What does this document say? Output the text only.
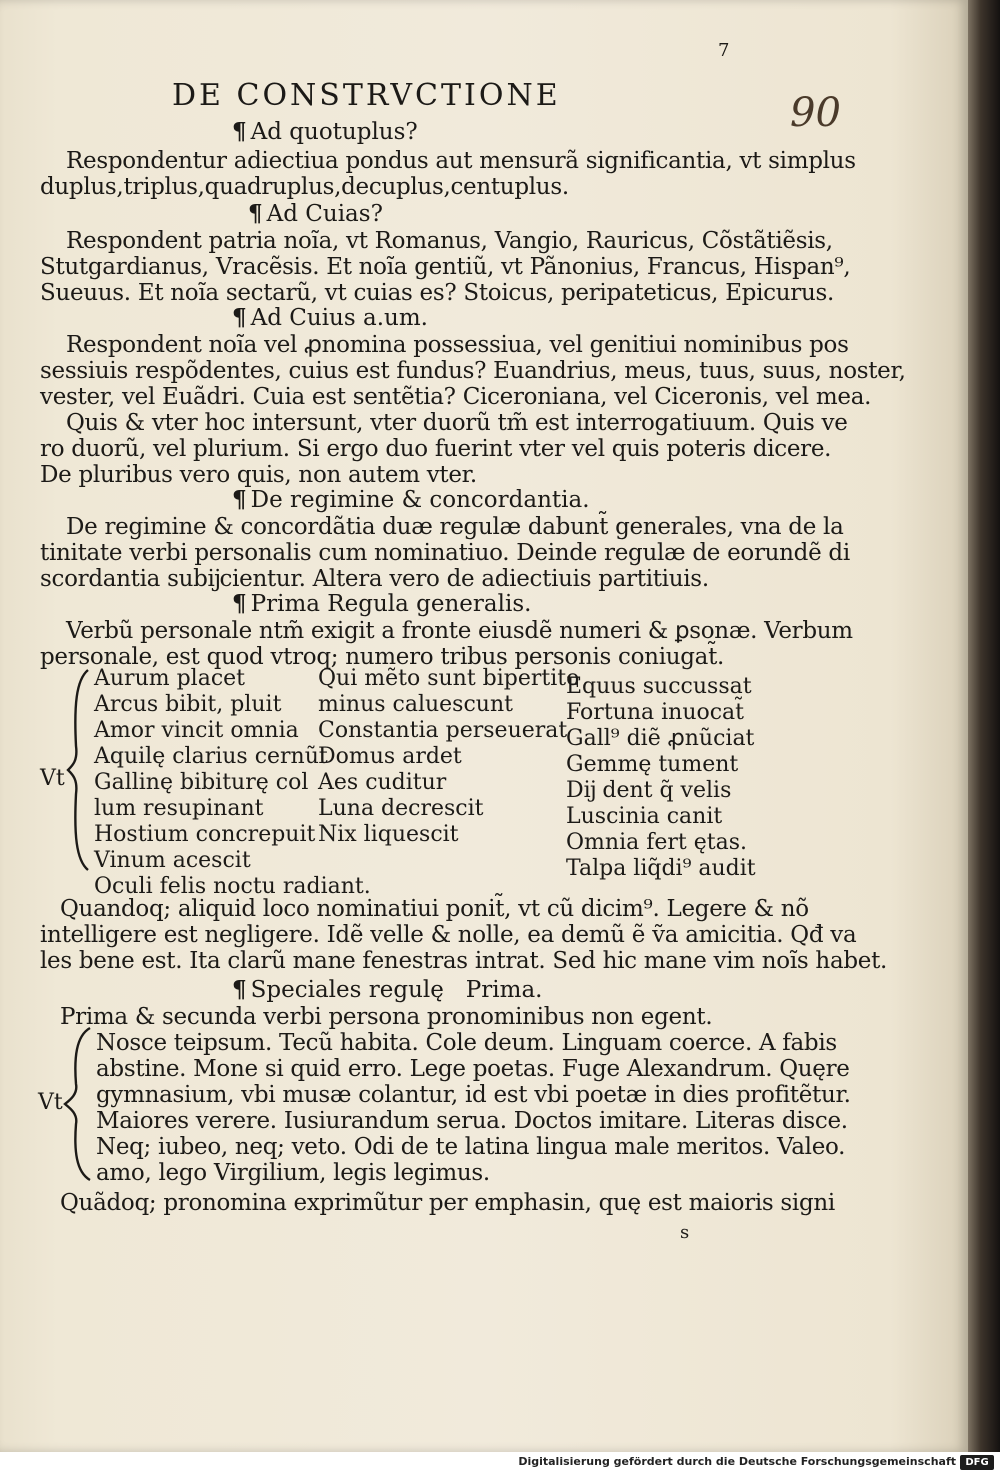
7
DE CONSTRVCTIONE	90
¶ Ad quotuplus?
Respondentur adiectiua pondus aut mensurã significantia, vt simplus
duplus,triplus,quadruplus,decuplus,centuplus.
¶ Ad Cuias?
Respondent patria noĩa, vt Romanus, Vangio, Rauricus, Cõstãtiẽsis,
Stutgardianus, Vracẽsis. Et noĩa gentiũ, vt Pãnonius, Francus, Hispan⁹,
Sueuus. Et noĩa sectarũ, vt cuias es? Stoicus, peripateticus, Epicurus.
¶ Ad Cuius a.um.
Respondent noĩa vel ꝓnomina possessiua, vel genitiui nominibus pos
sessiuis respõdentes, cuius est fundus? Euandrius, meus, tuus, suus, noster,
vester, vel Euãdri. Cuia est sentẽtia? Ciceroniana, vel Ciceronis, vel mea.
Quis & vter hoc intersunt, vter duorũ tm̃ est interrogatiuum. Quis ve
ro duorũ, vel plurium. Si ergo duo fuerint vter vel quis poteris dicere.
De pluribus vero quis, non autem vter.
¶ De regimine & concordantia.
De regimine & concordãtia duæ regulæ dabunt̃ generales, vna de la
tinitate verbi personalis cum nominatiuo. Deinde regulæ de eorundẽ di
scordantia subĳcientur. Altera vero de adiectiuis partitiuis.
¶ Prima Regula generalis.
Verbũ personale ntm̃ exigit a fronte eiusdẽ numeri & ꝑsonæ. Verbum
personale, est quod vtroq; numero tribus personis coniugat̃.
Vt
Aurum placet
Arcus bibit, pluit
Amor vincit omnia
Aquilę clarius cernũt
Gallinę bibiturę col
lum resupinant
Hostium concrepuit
Vinum acescit
Oculi felis noctu radiant.
Qui mẽto sunt bipertito
minus caluescunt
Constantia perseuerat
Domus ardet
Aes cuditur
Luna decrescit
Nix liquescit
Equus succussat
Fortuna inuocat̃
Gall⁹ diẽ ꝓnũciat
Gemmę tument
Dĳ dent q̃ velis
Luscinia canit
Omnia fert ętas.
Talpa liq̃di⁹ audit
Quandoq; aliquid loco nominatiui ponit̃, vt cũ dicim⁹. Legere & nõ
intelligere est negligere. Idẽ velle & nolle, ea demũ ẽ ṽa amicitia. Qđ va
les bene est. Ita clarũ mane fenestras intrat. Sed hic mane vim noĩs habet.
¶ Speciales regulę   Prima.
Prima & secunda verbi persona pronominibus non egent.
Vt
Nosce teipsum. Tecũ habita. Cole deum. Linguam coerce. A fabis
abstine. Mone si quid erro. Lege poetas. Fuge Alexandrum. Quęre
gymnasium, vbi musæ colantur, id est vbi poetæ in dies profitẽtur.
Maiores verere. Iusiurandum serua. Doctos imitare. Literas disce.
Neq; iubeo, neq; veto. Odi de te latina lingua male meritos. Valeo.
amo, lego Virgilium, legis legimus.
Quãdoq; pronomina exprimũtur per emphasin, quę est maioris signi
s
Digitalisierung gefördert durch die Deutsche Forschungsgemeinschaft DFG
